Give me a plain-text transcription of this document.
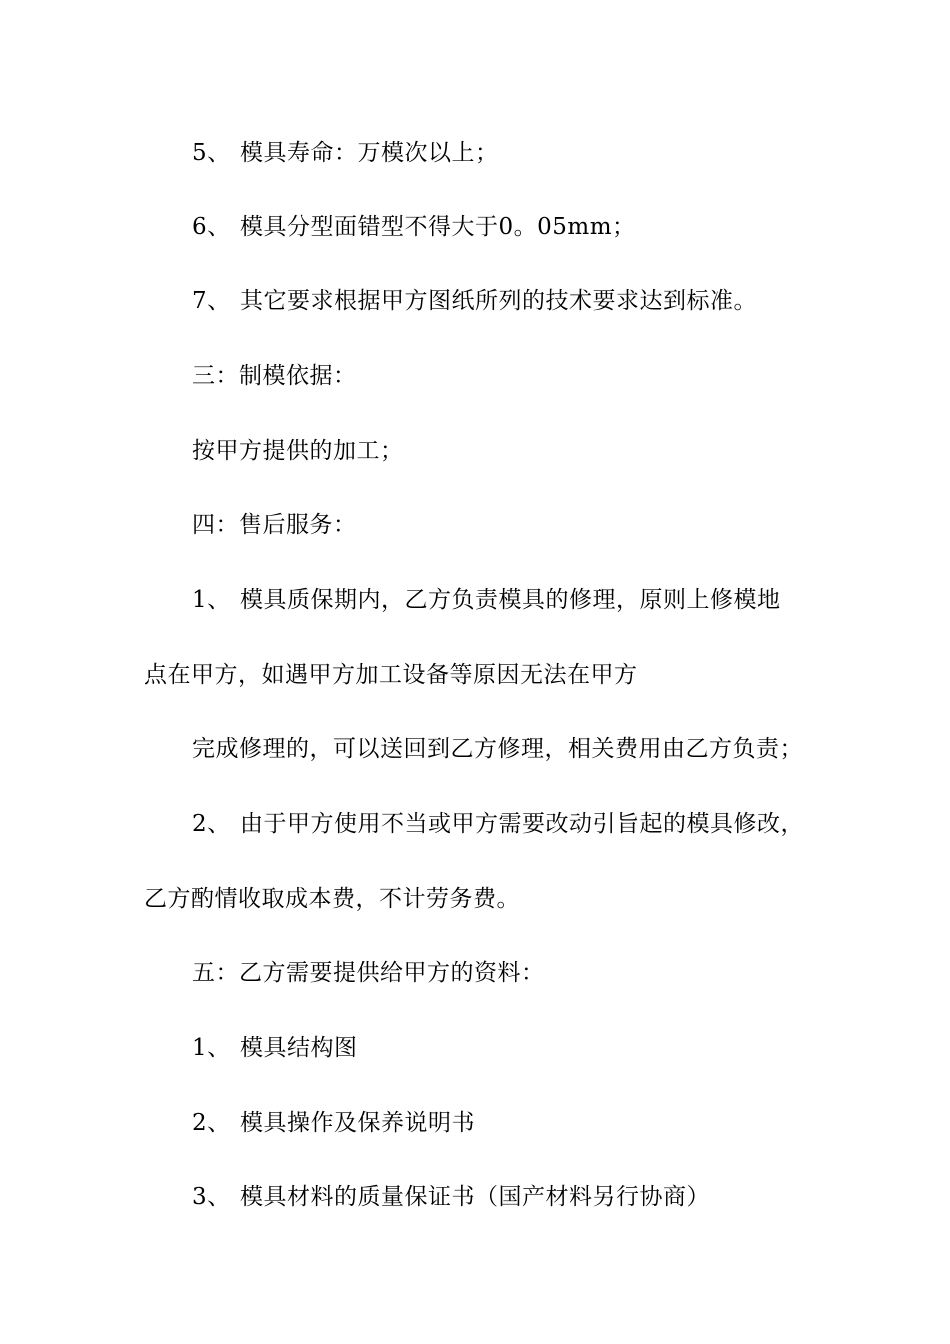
5、 模具寿命：万模次以上；
6、 模具分型面错型不得大于0。05mm；
7、 其它要求根据甲方图纸所列的技术要求达到标准。
三：制模依据：
按甲方提供的加工；
四：售后服务：
1、 模具质保期内，乙方负责模具的修理，原则上修模地
点在甲方，如遇甲方加工设备等原因无法在甲方
完成修理的，可以送回到乙方修理，相关费用由乙方负责；
2、 由于甲方使用不当或甲方需要改动引旨起的模具修改，
乙方酌情收取成本费，不计劳务费。
五：乙方需要提供给甲方的资料：
1、 模具结构图
2、 模具操作及保养说明书
3、 模具材料的质量保证书（国产材料另行协商）
